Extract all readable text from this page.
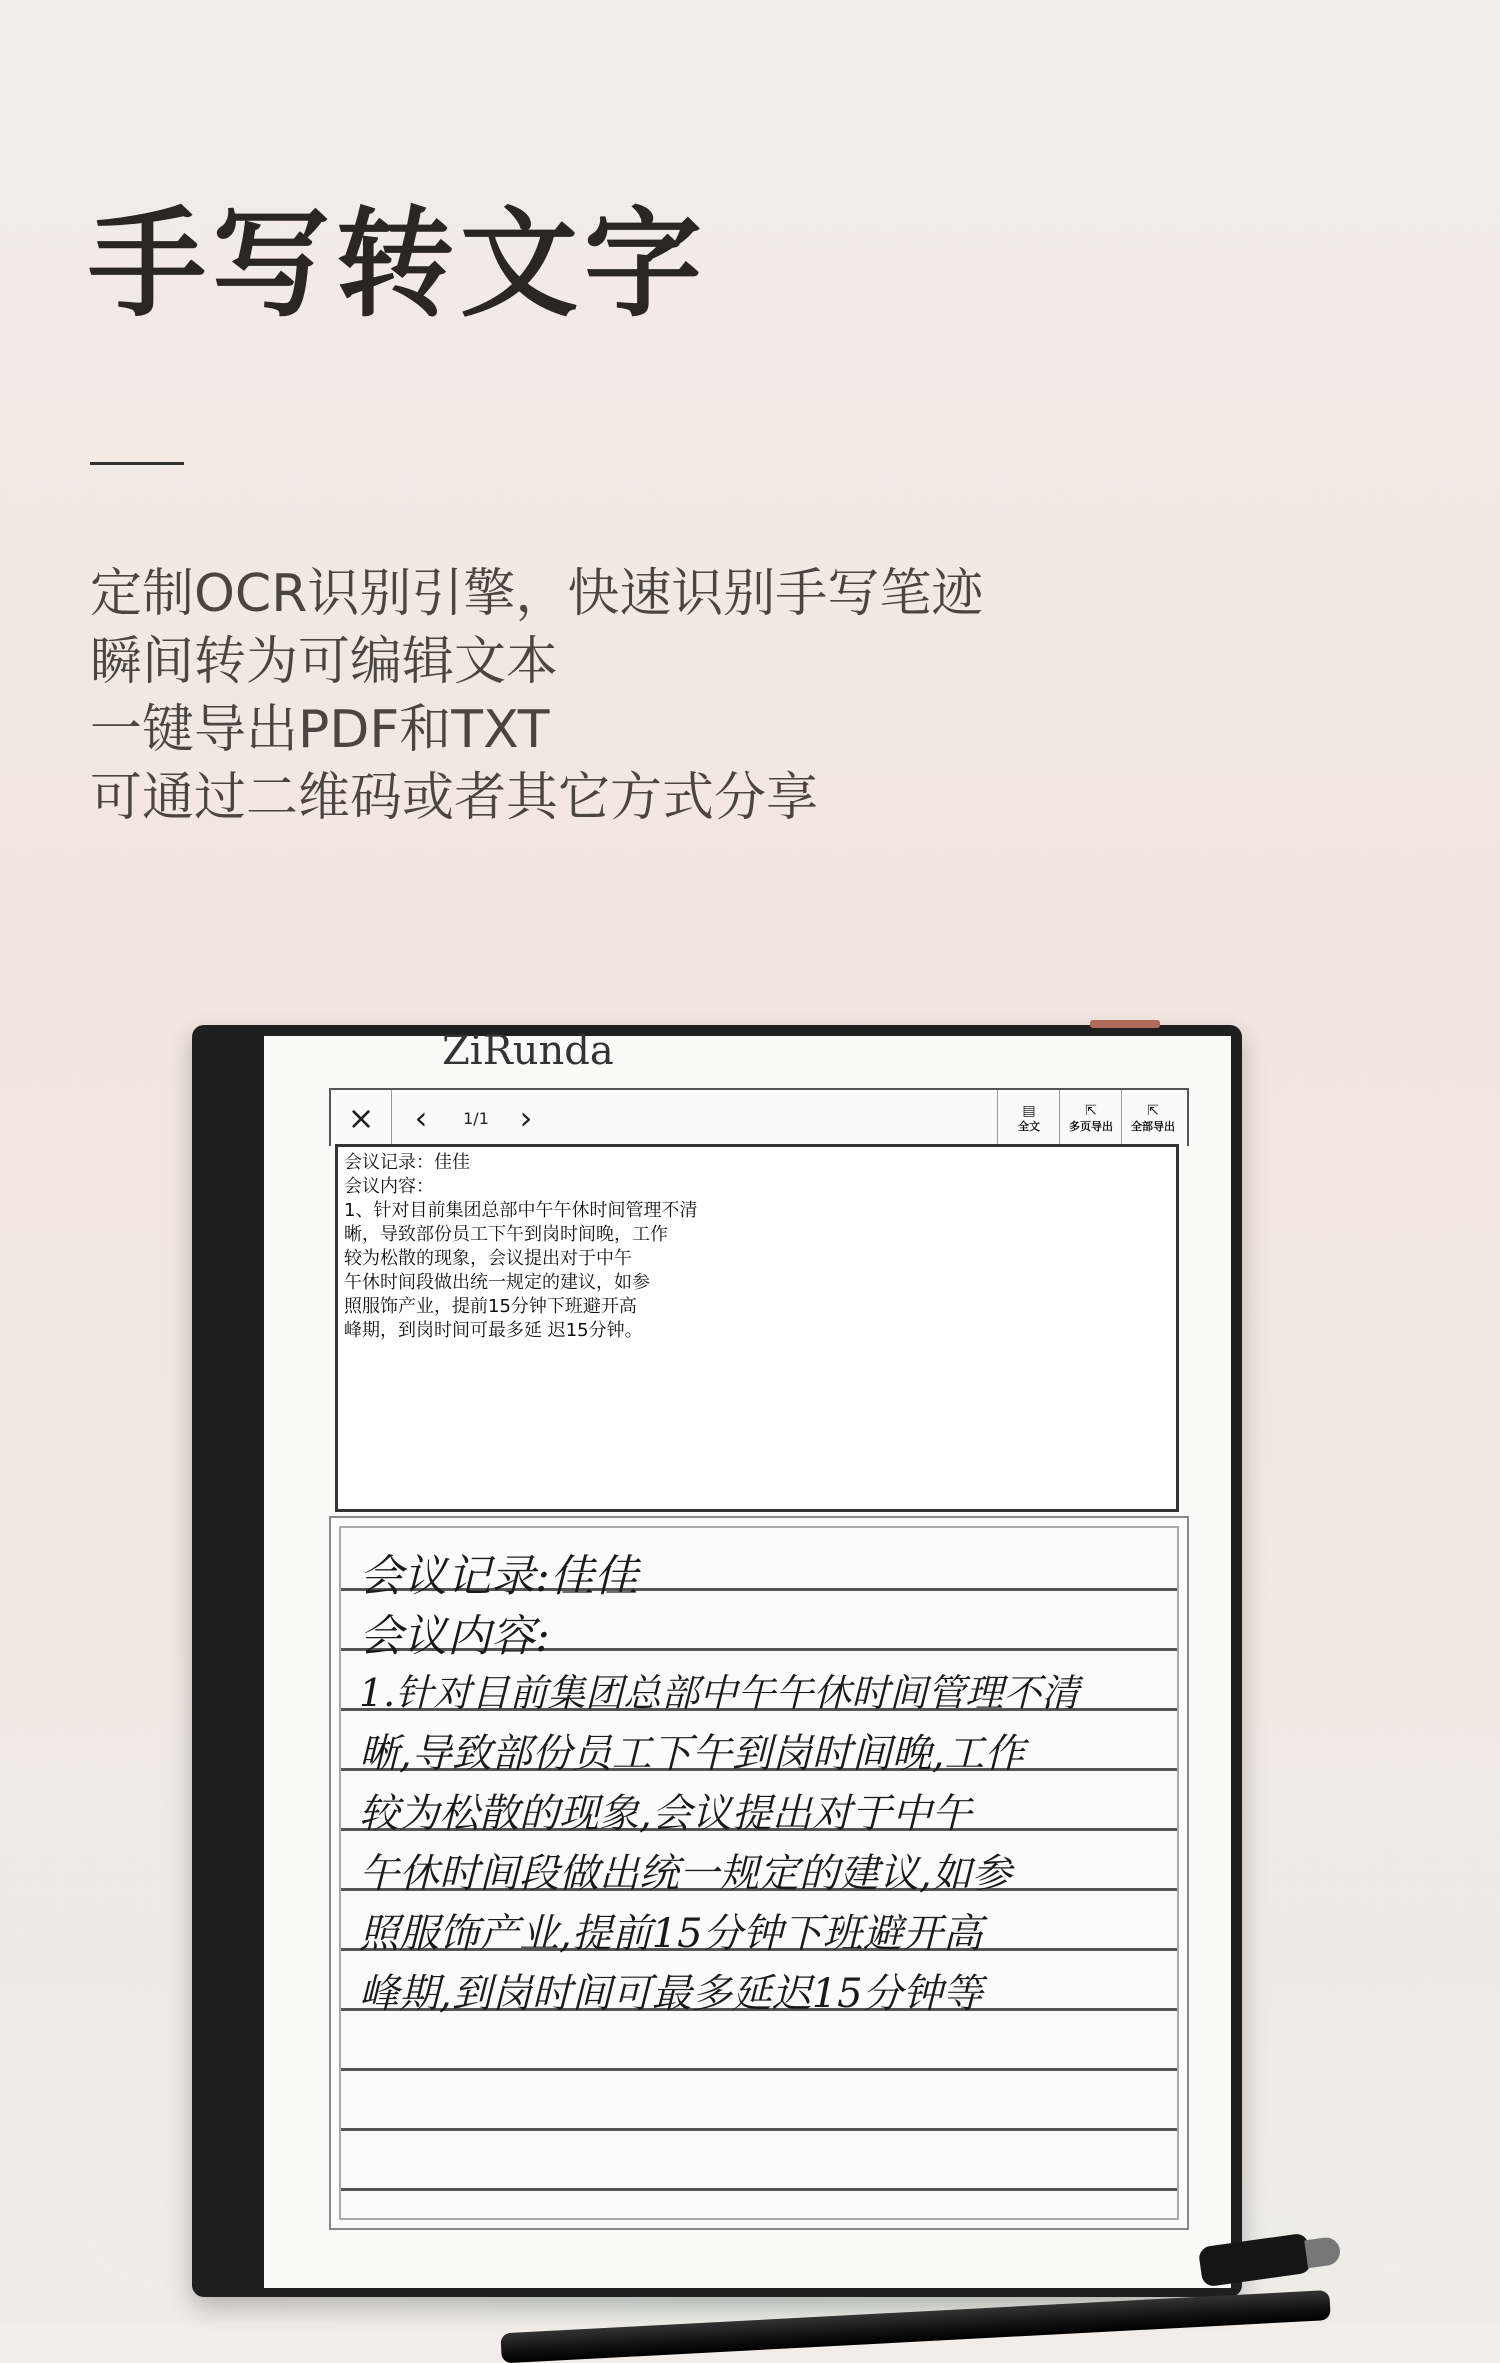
手写转文字
定制OCR识别引擎，快速识别手写笔迹
瞬间转为可编辑文本
一键导出PDF和TXT
可通过二维码或者其它方式分享
ZiRunda
×	‹	1/1 ›	▤
全文
⇱
多页导出
⇱
全部导出
会议记录：佳佳
会议内容：
1、针对目前集团总部中午午休时间管理不清
晰，导致部份员工下午到岗时间晚，工作
较为松散的现象，会议提出对于中午
午休时间段做出统一规定的建议，如参
照服饰产业，提前15分钟下班避开高
峰期，到岗时间可最多延 迟15分钟。
会议记录:佳佳
会议内容:
1.针对目前集团总部中午午休时间管理不清
晰,导致部份员工下午到岗时间晚,工作
较为松散的现象,会议提出对于中午
午休时间段做出统一规定的建议,如参
照服饰产业,提前15分钟下班避开高
峰期,到岗时间可最多延迟15分钟等
